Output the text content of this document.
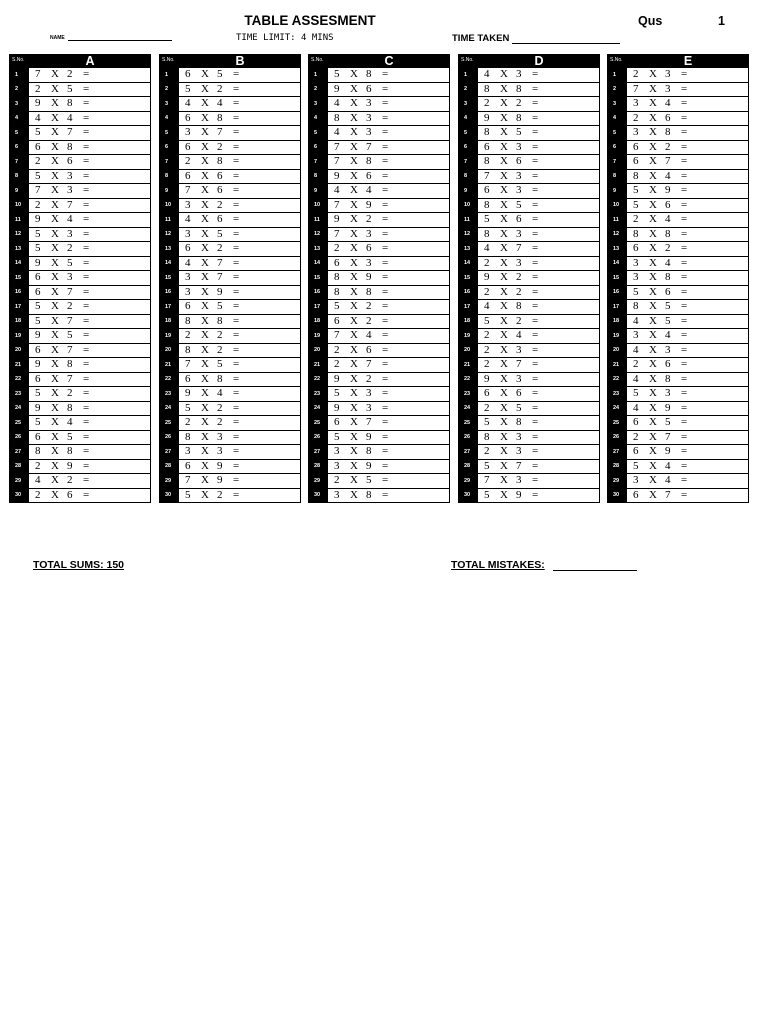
TABLE ASSESMENT	Qus	1
NAME	TIME LIMIT: 4 MINS	TIME TAKEN
S.No.	A
1	7 X 2 =
2	2 X 5 =
3	9 X 8 =
4	4 X 4 =
5	5 X 7 =
6	6 X 8 =
7	2 X 6 =
8	5 X 3 =
9	7 X 3 =
10	2 X 7 =
11	9 X 4 =
12	5 X 3 =
13	5 X 2 =
14	9 X 5 =
15	6 X 3 =
16	6 X 7 =
17	5 X 2 =
18	5 X 7 =
19	9 X 5 =
20	6 X 7 =
21	9 X 8 =
22	6 X 7 =
23	5 X 2 =
24	9 X 8 =
25	5 X 4 =
26	6 X 5 =
27	8 X 8 =
28	2 X 9 =
29	4 X 2 =
30	2 X 6 =
S.No.	B
1	6 X 5 =
2	5 X 2 =
3	4 X 4 =
4	6 X 8 =
5	3 X 7 =
6	6 X 2 =
7	2 X 8 =
8	6 X 6 =
9	7 X 6 =
10	3 X 2 =
11	4 X 6 =
12	3 X 5 =
13	6 X 2 =
14	4 X 7 =
15	3 X 7 =
16	3 X 9 =
17	6 X 5 =
18	8 X 8 =
19	2 X 2 =
20	8 X 2 =
21	7 X 5 =
22	6 X 8 =
23	9 X 4 =
24	5 X 2 =
25	2 X 2 =
26	8 X 3 =
27	3 X 3 =
28	6 X 9 =
29	7 X 9 =
30	5 X 2 =
S.No.	C
1	5 X 8 =
2	9 X 6 =
3	4 X 3 =
4	8 X 3 =
5	4 X 3 =
6	7 X 7 =
7	7 X 8 =
8	9 X 6 =
9	4 X 4 =
10	7 X 9 =
11	9 X 2 =
12	7 X 3 =
13	2 X 6 =
14	6 X 3 =
15	8 X 9 =
16	8 X 8 =
17	5 X 2 =
18	6 X 2 =
19	7 X 4 =
20	2 X 6 =
21	2 X 7 =
22	9 X 2 =
23	5 X 3 =
24	9 X 3 =
25	6 X 7 =
26	5 X 9 =
27	3 X 8 =
28	3 X 9 =
29	2 X 5 =
30	3 X 8 =
S.No.	D
1	4 X 3 =
2	8 X 8 =
3	2 X 2 =
4	9 X 8 =
5	8 X 5 =
6	6 X 3 =
7	8 X 6 =
8	7 X 3 =
9	6 X 3 =
10	8 X 5 =
11	5 X 6 =
12	8 X 3 =
13	4 X 7 =
14	2 X 3 =
15	9 X 2 =
16	2 X 2 =
17	4 X 8 =
18	5 X 2 =
19	2 X 4 =
20	2 X 3 =
21	2 X 7 =
22	9 X 3 =
23	6 X 6 =
24	2 X 5 =
25	5 X 8 =
26	8 X 3 =
27	2 X 3 =
28	5 X 7 =
29	7 X 3 =
30	5 X 9 =
S.No.	E
1	2 X 3 =
2	7 X 3 =
3	3 X 4 =
4	2 X 6 =
5	3 X 8 =
6	6 X 2 =
7	6 X 7 =
8	8 X 4 =
9	5 X 9 =
10	5 X 6 =
11	2 X 4 =
12	8 X 8 =
13	6 X 2 =
14	3 X 4 =
15	3 X 8 =
16	5 X 6 =
17	8 X 5 =
18	4 X 5 =
19	3 X 4 =
20	4 X 3 =
21	2 X 6 =
22	4 X 8 =
23	5 X 3 =
24	4 X 9 =
25	6 X 5 =
26	2 X 7 =
27	6 X 9 =
28	5 X 4 =
29	3 X 4 =
30	6 X 7 =
TOTAL SUMS: 150	TOTAL MISTAKES:
